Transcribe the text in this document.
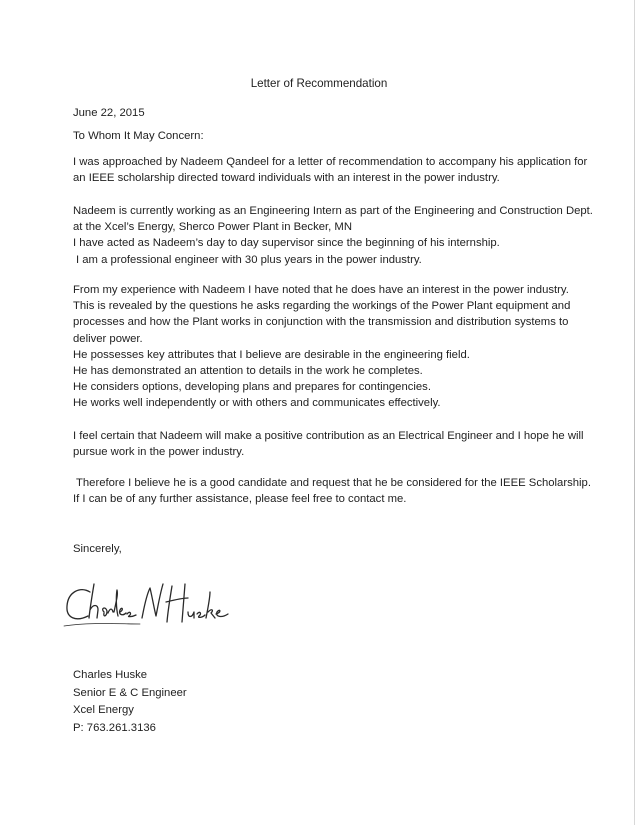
Letter of Recommendation
June 22, 2015
To Whom It May Concern:
I was approached by Nadeem Qandeel for a letter of recommendation to accompany his application for
an IEEE scholarship directed toward individuals with an interest in the power industry.
Nadeem is currently working as an Engineering Intern as part of the Engineering and Construction Dept.
at the Xcel’s Energy, Sherco Power Plant in Becker, MN
I have acted as Nadeem’s day to day supervisor since the beginning of his internship.
I am a professional engineer with 30 plus years in the power industry.
From my experience with Nadeem I have noted that he does have an interest in the power industry.
This is revealed by the questions he asks regarding the workings of the Power Plant equipment and
processes and how the Plant works in conjunction with the transmission and distribution systems to
deliver power.
He possesses key attributes that I believe are desirable in the engineering field.
He has demonstrated an attention to details in the work he completes.
He considers options, developing plans and prepares for contingencies.
He works well independently or with others and communicates effectively.
I feel certain that Nadeem will make a positive contribution as an Electrical Engineer and I hope he will
pursue work in the power industry.
Therefore I believe he is a good candidate and request that he be considered for the IEEE Scholarship.
If I can be of any further assistance, please feel free to contact me.
Sincerely,
Charles Huske
Senior E & C Engineer
Xcel Energy
P: 763.261.3136
